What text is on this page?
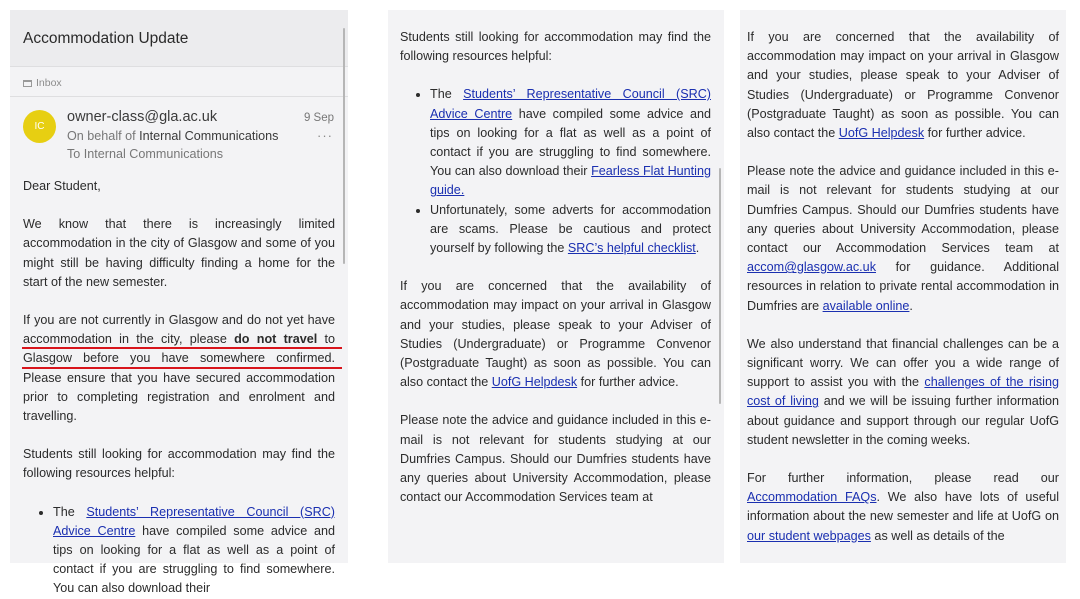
Accommodation Update
Inbox
IC
owner-class@gla.ac.uk
On behalf of Internal Communications
To Internal Communications
9 Sep
···

Dear Student,

We know that there is increasingly limited accommodation in the city of Glasgow and some of you might still be having difficulty finding a home for the start of the new semester.

If you are not currently in Glasgow and do not yet have accommodation in the city, please do not travel to Glasgow before you have somewhere confirmed. Please ensure that you have secured accommodation prior to completing registration and enrolment and travelling.

Students still looking for accommodation may find the following resources helpful:

• The Students’ Representative Council (SRC) Advice Centre have compiled some advice and tips on looking for a flat as well as a point of contact if you are struggling to find somewhere. You can also download their

Students still looking for accommodation may find the following resources helpful:

• The Students’ Representative Council (SRC) Advice Centre have compiled some advice and tips on looking for a flat as well as a point of contact if you are struggling to find somewhere. You can also download their Fearless Flat Hunting guide.
• Unfortunately, some adverts for accommodation are scams. Please be cautious and protect yourself by following the SRC’s helpful checklist.

If you are concerned that the availability of accommodation may impact on your arrival in Glasgow and your studies, please speak to your Adviser of Studies (Undergraduate) or Programme Convenor (Postgraduate Taught) as soon as possible. You can also contact the UofG Helpdesk for further advice.

Please note the advice and guidance included in this e-mail is not relevant for students studying at our Dumfries Campus. Should our Dumfries students have any queries about University Accommodation, please contact our Accommodation Services team at

If you are concerned that the availability of accommodation may impact on your arrival in Glasgow and your studies, please speak to your Adviser of Studies (Undergraduate) or Programme Convenor (Postgraduate Taught) as soon as possible. You can also contact the UofG Helpdesk for further advice.

Please note the advice and guidance included in this e-mail is not relevant for students studying at our Dumfries Campus. Should our Dumfries students have any queries about University Accommodation, please contact our Accommodation Services team at accom@glasgow.ac.uk for guidance. Additional resources in relation to private rental accommodation in Dumfries are available online.

We also understand that financial challenges can be a significant worry. We can offer you a wide range of support to assist you with the challenges of the rising cost of living and we will be issuing further information about guidance and support through our regular UofG student newsletter in the coming weeks.

For further information, please read our Accommodation FAQs. We also have lots of useful information about the new semester and life at UofG on our student webpages as well as details of the
